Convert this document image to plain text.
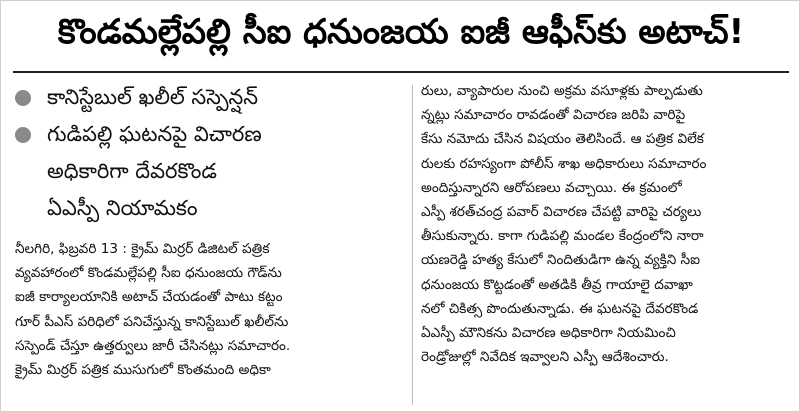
కొండమల్లేపల్లి సీఐ ధనుంజయ ఐజీ ఆఫీస్‌కు అటాచ్!
కానిస్టేబుల్ ఖలీల్ సస్పెన్షన్
గుడిపల్లి ఘటనపై విచారణ
అధికారిగా దేవరకొండ
ఏఎస్పీ నియామకం
నీలగిరి, ఫిబ్రవరి 13 : క్రైమ్ మిర్రర్ డిజిటల్ పత్రిక
వ్యవహారంలో కొండమల్లేపల్లి సీఐ ధనుంజయ గౌడ్‌ను
ఐజీ కార్యాలయానికి అటాచ్ చేయడంతో పాటు కట్టం
గూర్ పీఎస్ పరిధిలో పనిచేస్తున్న కానిస్టేబుల్ ఖలీల్‌ను
సస్పెండ్ చేస్తూ ఉత్తర్వులు జారీ చేసినట్లు సమాచారం.
క్రైమ్ మిర్రర్ పత్రిక ముసుగులో కొంతమంది అధికా
రులు, వ్యాపారుల నుంచి అక్రమ వసూళ్లకు పాల్పడుతు
న్నట్లు సమాచారం రావడంతో విచారణ జరిపి వారిపై
కేసు నమోదు చేసిన విషయం తెలిసిందే. ఆ పత్రిక విలేక
రులకు రహస్యంగా పోలీస్ శాఖ అధికారులు సమాచారం
అందిస్తున్నారని ఆరోపణలు వచ్చాయి. ఈ క్రమంలో
ఎస్పీ శరత్‌చంద్ర పవార్ విచారణ చేపట్టి వారిపై చర్యలు
తీసుకున్నారు. కాగా గుడిపల్లి మండల కేంద్రంలోని నారా
యణరెడ్డి హత్య కేసులో నిందితుడిగా ఉన్న వ్యక్తిని సీఐ
ధనుంజయ కొట్టడంతో అతడికి తీవ్ర గాయాలై దవాఖా
నలో చికిత్స పొందుతున్నాడు. ఈ ఘటనపై దేవరకొండ
ఏఎస్పీ మౌనికను విచారణ అధికారిగా నియమించి
రెండ్రోజుల్లో నివేదిక ఇవ్వాలని ఎస్పీ ఆదేశించారు.
